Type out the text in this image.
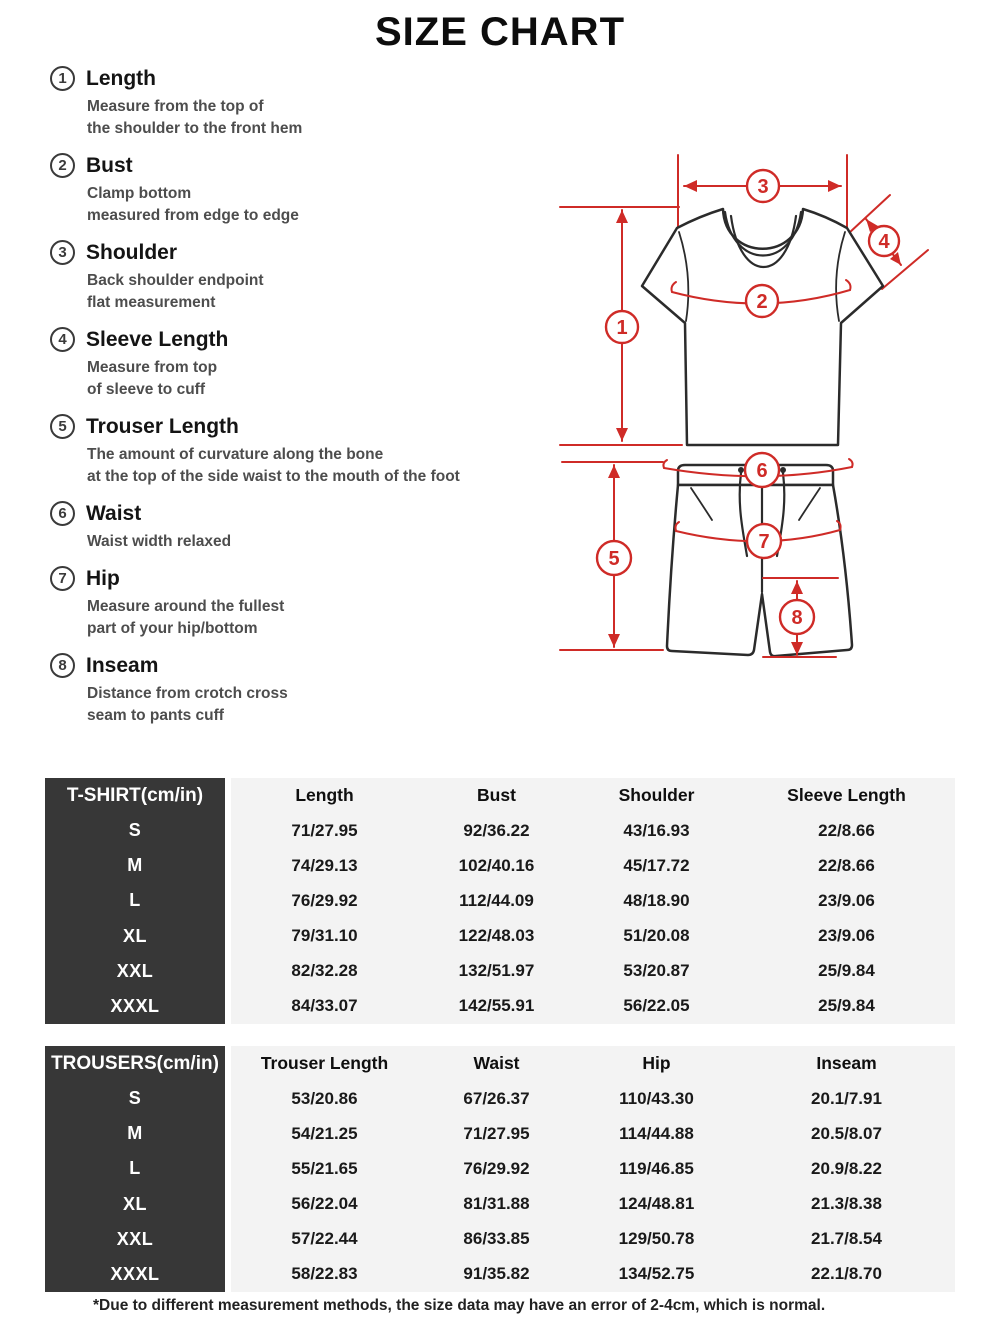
SIZE CHART
1 Length
Measure from the top of
the shoulder to the front hem
2 Bust
Clamp bottom
measured from edge to edge
3 Shoulder
Back shoulder endpoint
flat measurement
4 Sleeve Length
Measure from top
of sleeve to cuff
5 Trouser Length
The amount of curvature along the bone
at the top of the side waist to the mouth of the foot
6 Waist
Waist width relaxed
7 Hip
Measure around the fullest
part of your hip/bottom
8 Inseam
Distance from crotch cross
seam to pants cuff
1
2
3
4
5
6
7
8
T-SHIRT(cm/in)	Length	Bust	Shoulder	Sleeve Length
S	71/27.95	92/36.22	43/16.93	22/8.66
M	74/29.13	102/40.16	45/17.72	22/8.66
L	76/29.92	112/44.09	48/18.90	23/9.06
XL	79/31.10	122/48.03	51/20.08	23/9.06
XXL	82/32.28	132/51.97	53/20.87	25/9.84
XXXL	84/33.07	142/55.91	56/22.05	25/9.84
TROUSERS(cm/in)	Trouser Length	Waist	Hip	Inseam
S	53/20.86	67/26.37	110/43.30	20.1/7.91
M	54/21.25	71/27.95	114/44.88	20.5/8.07
L	55/21.65	76/29.92	119/46.85	20.9/8.22
XL	56/22.04	81/31.88	124/48.81	21.3/8.38
XXL	57/22.44	86/33.85	129/50.78	21.7/8.54
XXXL	58/22.83	91/35.82	134/52.75	22.1/8.70
*Due to different measurement methods, the size data may have an error of 2-4cm, which is normal.
